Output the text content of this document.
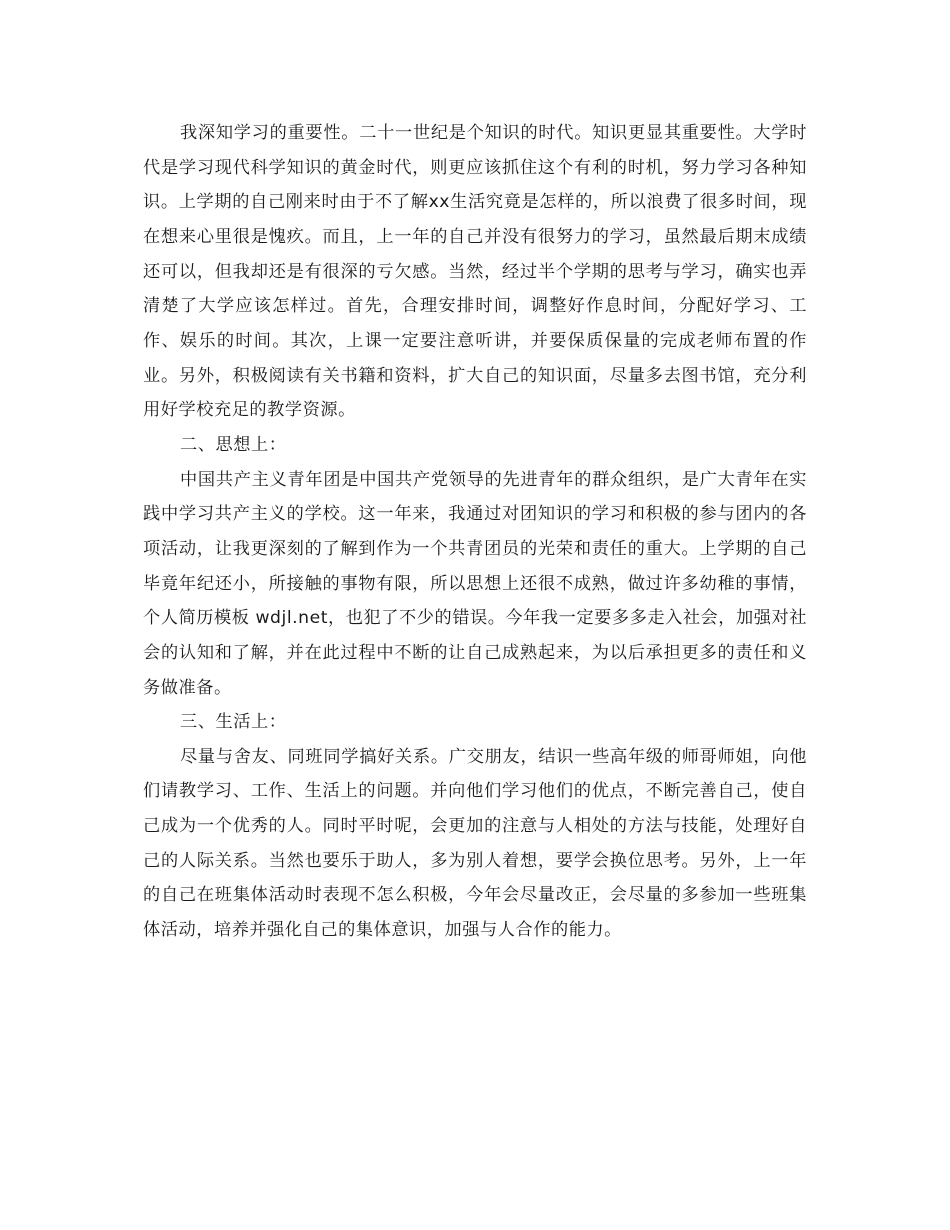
我深知学习的重要性。二十一世纪是个知识的时代。知识更显其重要性。大学时代是学习现代科学知识的黄金时代，则更应该抓住这个有利的时机，努力学习各种知识。上学期的自己刚来时由于不了解xx生活究竟是怎样的，所以浪费了很多时间，现在想来心里很是愧疚。而且，上一年的自己并没有很努力的学习，虽然最后期末成绩还可以，但我却还是有很深的亏欠感。当然，经过半个学期的思考与学习，确实也弄清楚了大学应该怎样过。首先，合理安排时间，调整好作息时间，分配好学习、工作、娱乐的时间。其次，上课一定要注意听讲，并要保质保量的完成老师布置的作业。另外，积极阅读有关书籍和资料，扩大自己的知识面，尽量多去图书馆，充分利用好学校充足的教学资源。

二、思想上：

中国共产主义青年团是中国共产党领导的先进青年的群众组织，是广大青年在实践中学习共产主义的学校。这一年来，我通过对团知识的学习和积极的参与团内的各项活动，让我更深刻的了解到作为一个共青团员的光荣和责任的重大。上学期的自己毕竟年纪还小，所接触的事物有限，所以思想上还很不成熟，做过许多幼稚的事情，个人简历模板 wdjl.net，也犯了不少的错误。今年我一定要多多走入社会，加强对社会的认知和了解，并在此过程中不断的让自己成熟起来，为以后承担更多的责任和义务做准备。

三、生活上：

尽量与舍友、同班同学搞好关系。广交朋友，结识一些高年级的师哥师姐，向他们请教学习、工作、生活上的问题。并向他们学习他们的优点，不断完善自己，使自己成为一个优秀的人。同时平时呢，会更加的注意与人相处的方法与技能，处理好自己的人际关系。当然也要乐于助人，多为别人着想，要学会换位思考。另外，上一年的自己在班集体活动时表现不怎么积极，今年会尽量改正，会尽量的多参加一些班集体活动，培养并强化自己的集体意识，加强与人合作的能力。
